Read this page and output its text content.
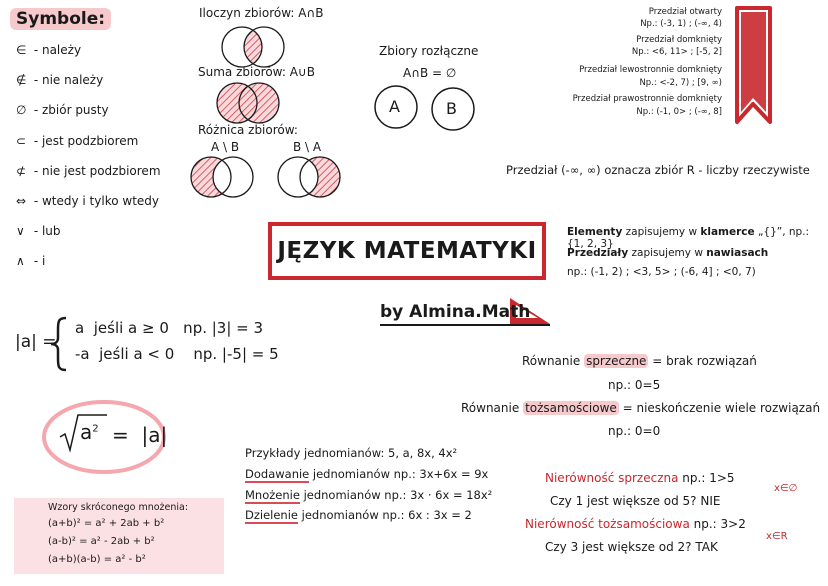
Symbole:
∈ - należy
∉ - nie należy
∅ - zbiór pusty
⊂ - jest podzbiorem
⊄ - nie jest podzbiorem
⇔ - wtedy i tylko wtedy
∨ - lub
∧ - i
Iloczyn zbiorów: A∩B
Suma zbiorów: A∪B
Różnica zbiorów:
A \ B	B \ A
Zbiory rozłączne
A∩B = ∅
A	B
Przedział otwarty
Np.: (-3, 1) ; (-∞, 4)
Przedział domknięty
Np.: <6, 11> ; [-5, 2]
Przedział lewostronnie domknięty
Np.: <-2, 7) ; [9, ∞)
Przedział prawostronnie domknięty
Np.: (-1, 0> ; (-∞, 8]
Przedział (-∞, ∞) oznacza zbiór R - liczby rzeczywiste
JĘZYK MATEMATYKI
by Almina.Math
Elementy zapisujemy w klamerce „{}”, np.: {1, 2, 3}
Przedziały zapisujemy w nawiasach
np.: (-1, 2) ; <3, 5> ; (-6, 4] ; <0, 7)
|a| =
a  jeśli a ≥ 0   np. |3| = 3
-a  jeśli a < 0    np. |-5| = 5
$a^2 = |a|$
Wzory skróconego mnożenia:
(a+b)² = a² + 2ab + b²
(a-b)² = a² - 2ab + b²
(a+b)(a-b) = a² - b²
Przykłady jednomianów: 5, a, 8x, 4x²
Dodawanie jednomianów np.: 3x+6x = 9x
Mnożenie jednomianów np.: 3x · 6x = 18x²
Dzielenie jednomianów np.: 6x : 3x = 2
Równanie sprzeczne = brak rozwiązań
np.: 0=5
Równanie tożsamościowe = nieskończenie wiele rozwiązań
np.: 0=0
Nierówność sprzeczna np.: 1>5
Czy 1 jest większe od 5? NIE
x∈∅
Nierówność tożsamościowa np.: 3>2
Czy 3 jest większe od 2? TAK
x∈R
